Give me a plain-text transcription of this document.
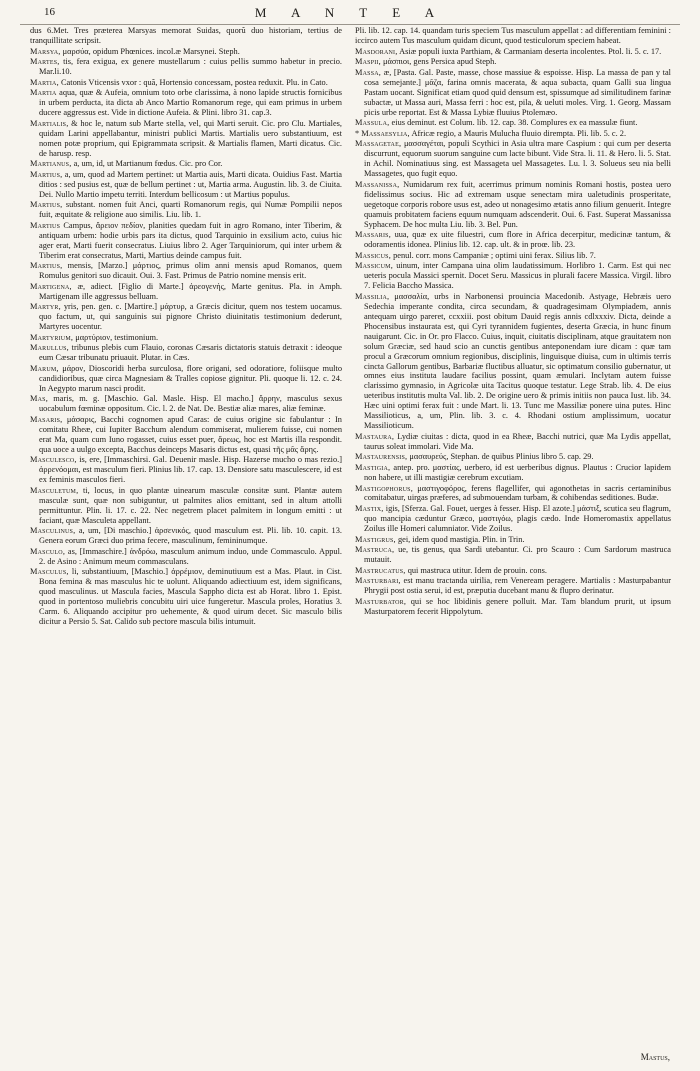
16	M A N T E A

dus 6.Met. Tres præterea Marsyas memorat Suidas, quorũ duo historiam, tertius de tranquillitate scripsit.

Marsya, μαρσύα, opidum Phœnices. incol.æ Marsynei. Steph.

Martes, tis, fera exigua, ex genere mustellarum : cuius pellis summo habetur in precio. Mar.li.10.

Martia, Catonis Vticensis vxor : quã, Hortensio concessam, postea reduxit. Plu. in Cato.

Martia aqua, quæ & Aufeia, omnium toto orbe clarissima, à nono lapide structis fornicibus in urbem perducta, ita dicta ab Anco Martio Romanorum rege, qui eam primus in urbem ducere aggressus est. Vide in dictione Aufeia. & Plini. libro 31. cap.3.

Martialis, & hoc le, natum sub Marte stella, vel, qui Marti seruit. Cic. pro Clu. Martiales, quidam Larini appellabantur, ministri publici Martis. Martialis uero substantiuum, est nomen potæ proprium, qui Epigrammata scripsit. & Martialis flamen, Marti dicatus. Cic. de harusp. resp.

Martianus, a, um, id, ut Martianum fœdus. Cic. pro Cor.

Martius, a, um, quod ad Martem pertinet: ut Martia auis, Marti dicata. Ouidius Fast. Martia ditios : sed pusius est, quæ de bellum pertinet : ut, Martia arma. Augustin. lib. 3. de Ciuita. Dei. Nullo Martio impetu territi. Interdum bellicosum : ut Martius populus.

Martius, substant. nomen fuit Anci, quarti Romanorum regis, qui Numæ Pompilii nepos fuit, æquitate & religione auo similis. Liu. lib. 1.

Martius Campus, ἄρειον πεδίον, planities quedam fuit in agro Romano, inter Tiberim, & antiquam urbem: hodie urbis pars ita dictus, quod Tarquinio in exsilium acto, cuius hic ager erat, Marti fuerit consecratus. Liuius libro 2. Ager Tarquiniorum, qui inter urbem & Tiberim erat consecratus, Marti, Martius deinde campus fuit.

Martius, mensis, [Marzo.] μάρτιος, primus olim anni mensis apud Romanos, quem Romulus genitori suo dicauit. Oui. 3. Fast. Primus de Patrio nomine mensis erit.

Martigena, æ, adiect. [Figlio di Marte.] ἀρεογενής, Marte genitus. Pla. in Amph. Martigenam ille aggressus belluam.

Martyr, yris, pen. gen. c. [Martire.] μάρτυρ, a Græcis dicitur, quem nos testem uocamus. quo factum, ut, qui sanguinis sui pignore Christo diuinitatis testimonium dederunt, Martyres uocentur.

Martyrium, μαρτύριον, testimonium.

Marullus, tribunus plebis cum Flauio, coronas Cæsaris dictatoris statuis detraxit : ideoque eum Cæsar tribunatu priuauit. Plutar. in Cæs.

Marum, μάρον, Dioscoridi herba surculosa, flore origani, sed odoratiore, foliisque multo candidioribus, quæ circa Magnesiam & Tralles copiose gignitur. Pli. quoque li. 12. c. 24. In Aegypto marum nasci prodit.

Mas, maris, m. g. [Maschio. Gal. Masle. Hisp. El macho.] ἄρρην, masculus sexus uocabulum fœminæ oppositum. Cic. l. 2. de Nat. De. Bestiæ aliæ mares, aliæ feminæ.

Masaris, μάσαρις, Bacchi cognomen apud Caras: de cuius origine sic fabulantur : In comitatu Rheæ, cui Iupiter Bacchum alendum commiserat, mulierem fuisse, cui nomen erat Ma, quam cum Iuno rogasset, cuius esset puer, ἄρεως, hoc est Martis illa respondit. qua uoce a uulgo excepta, Bacchus deinceps Masaris dictus est, quasi τῆς μᾶς ἄρης.

Masculesco, is, ere, [Immaschirsi. Gal. Deuenir masle. Hisp. Hazerse mucho o mas rezio.] ἀρρενόομαι, est masculum fieri. Plinius lib. 17. cap. 13. Densiore satu masculescere, id est ex feminis masculos fieri.

Masculetum, ti, locus, in quo plantæ uinearum masculæ consitæ sunt. Plantæ autem masculæ sunt, quæ non subiguntur, ut palmites alios emittant, sed in altum attolli permittuntur. Plin. li. 17. c. 22. Nec negetrem placet palmitem in longum emitti : ut faciant, quæ Masculeta appellant.

Masculinus, a, um, [Di maschio.] ἀρσενικός, quod masculum est. Pli. lib. 10. capit. 13. Genera eorum Græci duo prima fecere, masculinum, femininumque.

Masculo, as, [Immaschire.] ἀνδρόω, masculum animum induo, unde Commasculo. Appul. 2. de Asino : Animum meum commasculans.

Masculus, li, substantiuum, [Maschio.] ἀρρέμιον, deminutiuum est a Mas. Plaut. in Cist. Bona femina & mas masculus hic te uolunt. Aliquando adiectiuum est, idem significans, quod masculinus. ut Mascula facies, Mascula Sappho dicta est ab Horat. libro 1. Epist. quod in portentoso muliebris concubitu uiri uice fungeretur. Mascula proles, Horatius 3. Carm. 6. Aliquando accipitur pro uehemente, & quod uirum decet. Sic masculo bilis dicitur a Persio 5. Sat. Calido sub pectore mascula bilis intumuit.

Pli. lib. 12. cap. 14. quandam turis speciem Tus masculum appellat : ad differentiam feminini : iccirco autem Tus masculum quidam dicunt, quod testiculorum speciem habeat.

Masdorani, Asiæ populi iuxta Parthiam, & Carmaniam deserta incolentes. Ptol. li. 5. c. 17.

Maspii, μάσπιοι, gens Persica apud Steph.

Massa, æ, [Pasta. Gal. Paste, masse, chose massiue & espoisse. Hisp. La massa de pan y tal cosa semejante.] μᾶζα, farina omnis macerata, & aqua subacta, quam Galli sua lingua Pastam uocant. Significat etiam quod quid densum est, spissumque ad similitudinem farinæ subactæ, ut Massa auri, Massa ferri : hoc est, pila, & ueluti moles. Virg. 1. Georg. Massam picis urbe reportat. Est & Massa Lybiæ fluuius Ptolemæo.

Massula, eius deminut. est Colum. lib. 12. cap. 38. Complures ex ea massulæ fiunt.

* Massaesylia, Africæ regio, a Mauris Mulucha fluuio dirempta. Pli. lib. 5. c. 2.

Massagetae, μασσαγέται, populi Scythici in Asia ultra mare Caspium : qui cum per deserta discurrunt, equorum suorum sanguine cum lacte bibunt. Vide Stra. li. 11. & Hero. li. 5. Stat. in Achil. Nominatiuus sing. est Massageta uel Massagetes. Lu. l. 3. Solueus seu nia belli Massagetes, quo fugit equo.

Massanissa, Numidarum rex fuit, acerrimus primum nominis Romani hostis, postea uero fidelissimus socius. Hic ad extremam usque senectam mira ualetudinis prosperitate, uegetoque corporis robore usus est, adeo ut nonagesimo ætatis anno filium genuerit. Integre quamuis probitatem faciens equum numquam adscenderit. Oui. 6. Fast. Superat Massanissa Syphacem. De hoc multa Liu. lib. 3. Bel. Pun.

Massaris, uua, quæ ex uite filuestri, cum flore in Africa decerpitur, medicinæ tantum, & odoramentis idonea. Plinius lib. 12. cap. ult. & in proœ. lib. 23.

Massicus, penul. corr. mons Campaniæ ; optimi uini ferax. Silius lib. 7.

Massicum, uinum, inter Campana uina olim laudatissimum. Horlibro 1. Carm. Est qui nec ueteris pocula Massici spernit. Docet Seru. Massicus in plurali facere Massica. Virgil. libro 7. Felicia Baccho Massica.

Massilia, μασσαλία, urbs in Narbonensi prouincia Macedonib. Astyage, Hebræis uero Sedechia imperante condita, circa secundam, & quadragesimam Olympiadem, annis antequam uirgo pareret, ccxxiii. post obitum Dauid regis annis cdlxxxiv. Dicta, deinde a Phocensibus instaurata est, qui Cyri tyrannidem fugientes, deserta Græcia, in hunc finum nauigarunt. Cic. in Or. pro Flacco. Cuius, inquit, ciuitatis disciplinam, atque grauitatem non solum Græciæ, sed haud scio an cunctis gentibus anteponendam iure dicam : quæ tam procul a Græcorum omnium regionibus, disciplinis, linguisque diuisa, cum in ultimis terris cincta Gallorum gentibus, Barbariæ fluctibus alluatur, sic optimatum consilio gubernatur, ut omnes eius instituta laudare facilius possint, quam æmulari. Inclytam autem fuisse clarissimo gymnasio, in Agricolæ uita Tacitus quoque testatur. Lege Strab. lib. 4. De eius ueteribus institutis multa Val. lib. 2. De origine uero & primis initiis non pauca Iust. lib. 34. Hæc uini optimi ferax fuit : unde Mart. li. 13. Tunc me Massiliæ ponere uina putes. Hinc Massilioticus, a, um, Plin. lib. 3. c. 4. Rhodani ostium amplissimum, uocatur Massilioticum.

Mastaura, Lydiæ ciuitas : dicta, quod in ea Rheæ, Bacchi nutrici, quæ Ma Lydis appellat, taurus soleat immolari. Vide Ma.

Mastaurensis, μασαυρεύς, Stephan. de quibus Plinius libro 5. cap. 29.

Mastigia, antep. pro. μαστίας, uerbero, id est uerberibus dignus. Plautus : Crucior lapidem non habere, ut illi mastigiæ cerebrum excutiam.

Mastigophorus, μαστιγοφόρος, ferens flagellifer, qui agonothetas in sacris certaminibus comitabatur, uirgas præferes, ad submouendam turbam, & cohibendas seditiones. Budæ.

Mastix, igis, [Sferza. Gal. Fouet, uerges à fesser. Hisp. El azote.] μάστιξ, scutica seu flagrum, quo mancipia cæduntur Græco, μαστιγόω, plagis cædo. Inde Homeromastix appellatus Zoilus ille Homeri calumniator. Vide Zoilus.

Mastigrus, gei, idem quod mastigia. Plin. in Trin.

Mastruca, ue, tis genus, qua Sardi utebantur. Ci. pro Scauro : Cum Sardorum mastruca mutauit.

Mastrucatus, qui mastruca utitur. Idem de prouin. cons.

Masturbari, est manu tractanda uirilia, rem Veneream peragere. Martialis : Masturpabantur Phrygii post ostia serui, id est, præputia ducebant manu & flupro derinatur.

Masturbator, qui se hoc libidinis genere polluit. Mar. Tam blandum prurit, ut ipsum Masturpatorem fecerit Hippolytum.

Mastus,
